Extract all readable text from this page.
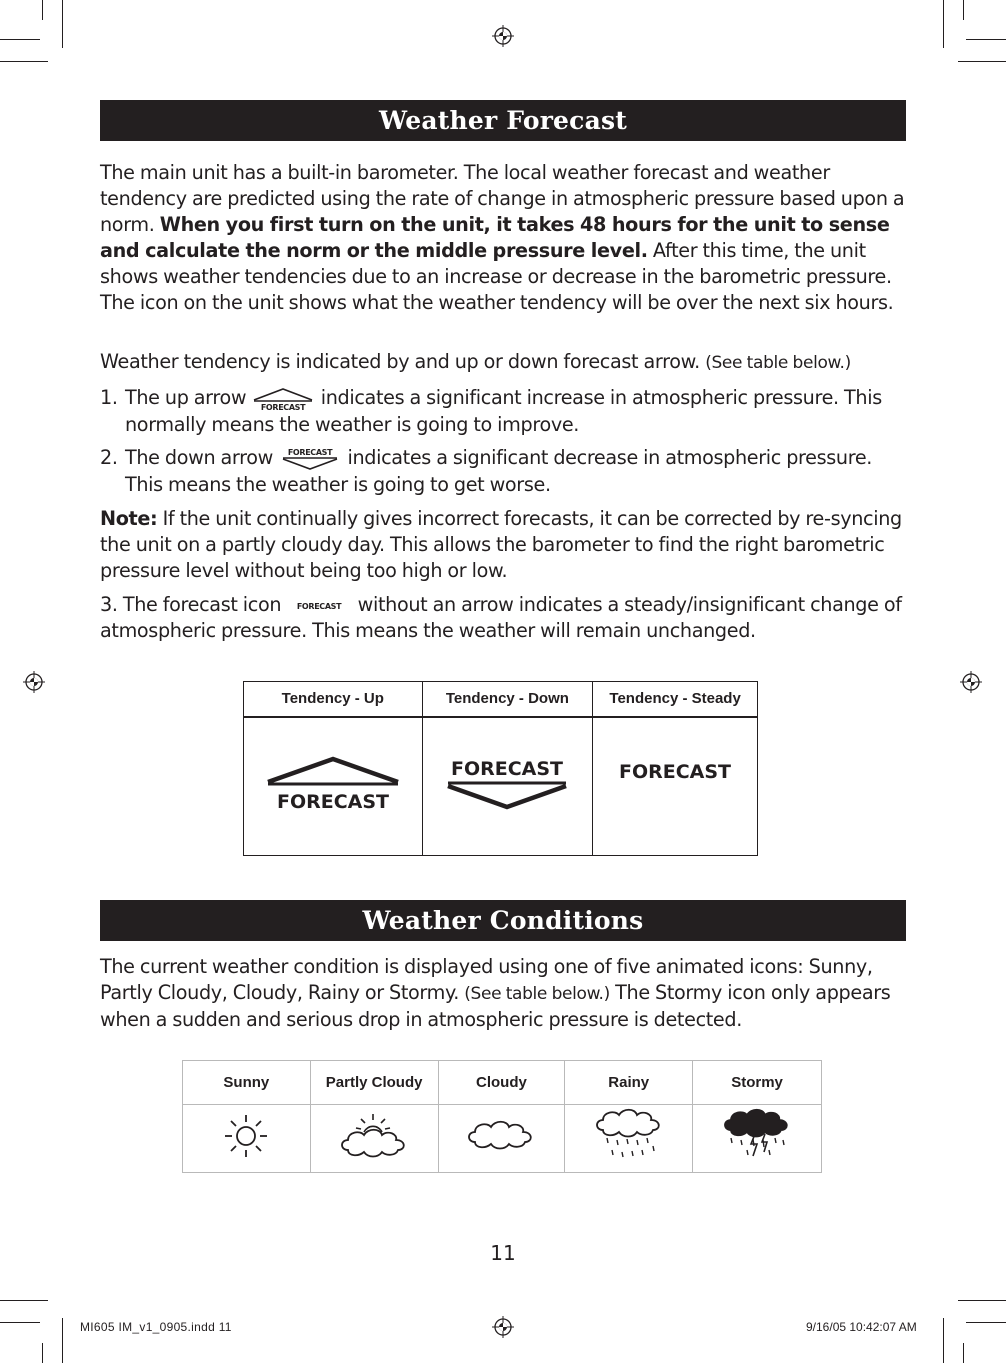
Weather Forecast

The main unit has a built-in barometer. The local weather forecast and weather tendency are predicted using the rate of change in atmospheric pressure based upon a norm. When you first turn on the unit, it takes 48 hours for the unit to sense and calculate the norm or the middle pressure level. After this time, the unit shows weather tendencies due to an increase or decrease in the barometric pressure. The icon on the unit shows what the weather tendency will be over the next six hours.

Weather tendency is indicated by and up or down forecast arrow. (See table below.)

1. The up arrow FORECAST indicates a significant increase in atmospheric pressure. This normally means the weather is going to improve.
2. The down arrow FORECAST indicates a significant decrease in atmospheric pressure. This means the weather is going to get worse.

Note: If the unit continually gives incorrect forecasts, it can be corrected by re-syncing the unit on a partly cloudy day. This allows the barometer to find the right barometric pressure level without being too high or low.

3. The forecast icon FORECAST without an arrow indicates a steady/insignificant change of atmospheric pressure. This means the weather will remain unchanged.

Tendency - Up	Tendency - Down	Tendency - Steady

FORECAST	FORECAST	FORECAST
Weather Conditions

The current weather condition is displayed using one of five animated icons: Sunny, Partly Cloudy, Cloudy, Rainy or Stormy. (See table below.) The Stormy icon only appears when a sudden and serious drop in atmospheric pressure is detected.

Sunny	Partly Cloudy	Cloudy	Rainy	Stormy

11
MI605 IM_v1_0905.indd 11	9/16/05 10:42:07 AM
